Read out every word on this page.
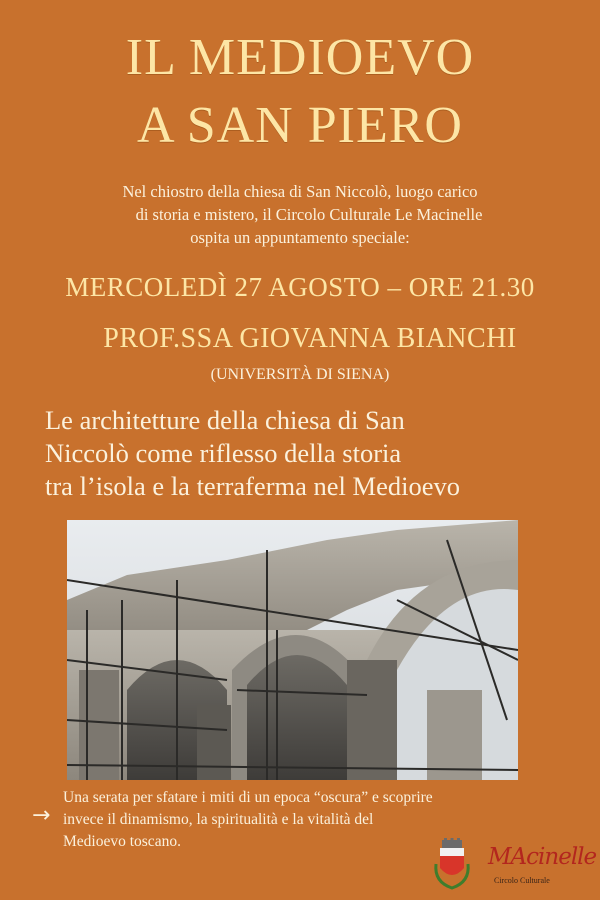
IL MEDIOEVO
A SAN PIERO
Nel chiostro della chiesa di San Niccolò, luogo carico
di storia e mistero, il Circolo Culturale Le Macinelle
ospita un appuntamento speciale:
MERCOLEDÌ 27 AGOSTO – ORE 21.30
PROF.SSA GIOVANNA BIANCHI
(UNIVERSITÀ DI SIENA)
Le architetture della chiesa di San
Niccolò come riflesso della storia
tra l’isola e la terraferma nel Medioevo
→
Una serata per sfatare i miti di un epoca “oscura” e scoprire
invece il dinamismo, la spiritualità e la vitalità del
Medioevo toscano.
MAcinelle
Circolo Culturale
